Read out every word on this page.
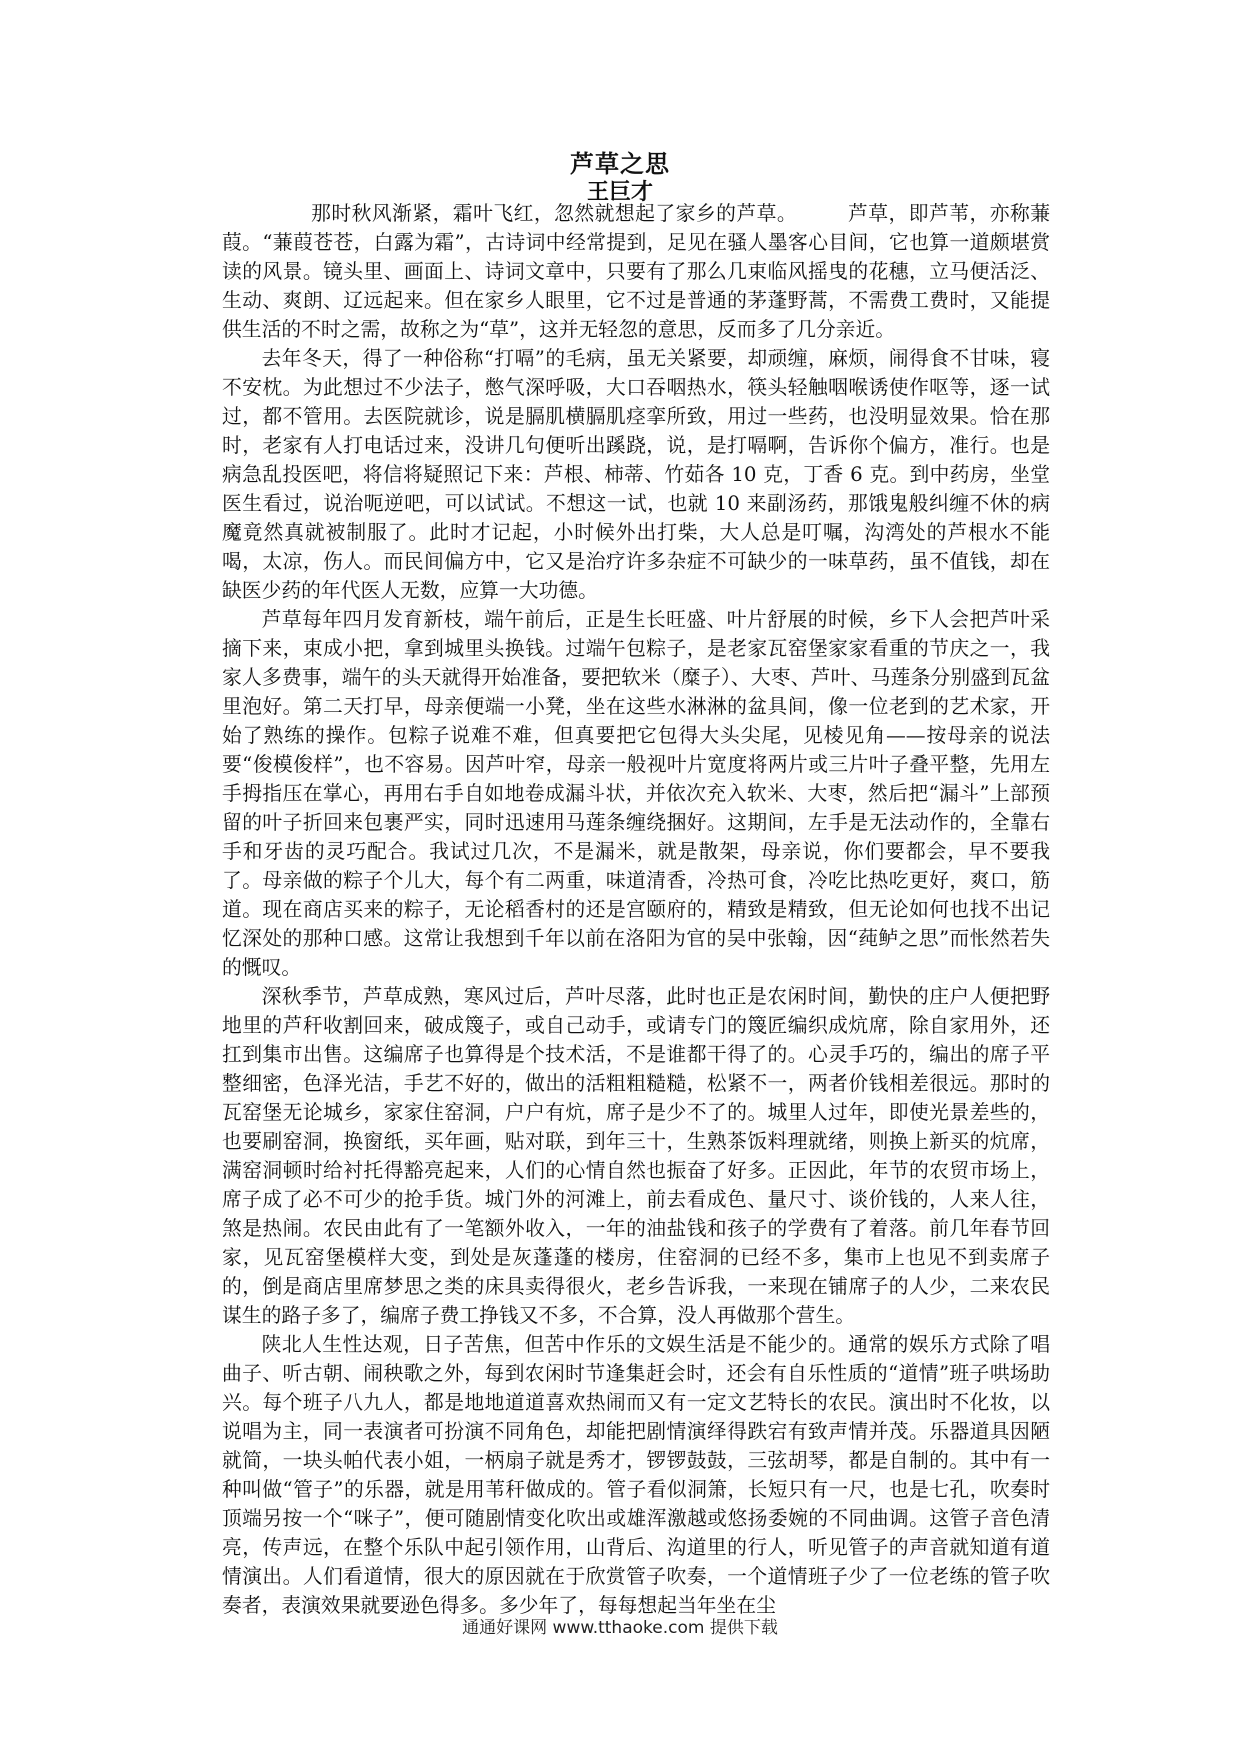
芦草之思
王巨才

那时秋风渐紧，霜叶飞红，忽然就想起了家乡的芦草。　　　芦草，即芦苇，亦称蒹葭。“蒹葭苍苍，白露为霜”，古诗词中经常提到，足见在骚人墨客心目间，它也算一道颇堪赏读的风景。镜头里、画面上、诗词文章中，只要有了那么几束临风摇曳的花穗，立马便活泛、生动、爽朗、辽远起来。但在家乡人眼里，它不过是普通的茅蓬野蒿，不需费工费时，又能提供生活的不时之需，故称之为“草”，这并无轻忽的意思，反而多了几分亲近。

去年冬天，得了一种俗称“打嗝”的毛病，虽无关紧要，却顽缠，麻烦，闹得食不甘味，寝不安枕。为此想过不少法子，憋气深呼吸，大口吞咽热水，筷头轻触咽喉诱使作呕等，逐一试过，都不管用。去医院就诊，说是膈肌横膈肌痉挛所致，用过一些药，也没明显效果。恰在那时，老家有人打电话过来，没讲几句便听出蹊跷，说，是打嗝啊，告诉你个偏方，准行。也是病急乱投医吧，将信将疑照记下来：芦根、柿蒂、竹茹各 10 克，丁香 6 克。到中药房，坐堂医生看过，说治呃逆吧，可以试试。不想这一试，也就 10 来副汤药，那饿鬼般纠缠不休的病魔竟然真就被制服了。此时才记起，小时候外出打柴，大人总是叮嘱，沟湾处的芦根水不能喝，太凉，伤人。而民间偏方中，它又是治疗许多杂症不可缺少的一味草药，虽不值钱，却在缺医少药的年代医人无数，应算一大功德。

芦草每年四月发育新枝，端午前后，正是生长旺盛、叶片舒展的时候，乡下人会把芦叶采摘下来，束成小把，拿到城里头换钱。过端午包粽子，是老家瓦窑堡家家看重的节庆之一，我家人多费事，端午的头天就得开始准备，要把软米（糜子）、大枣、芦叶、马莲条分别盛到瓦盆里泡好。第二天打早，母亲便端一小凳，坐在这些水淋淋的盆具间，像一位老到的艺术家，开始了熟练的操作。包粽子说难不难，但真要把它包得大头尖尾，见棱见角——按母亲的说法要“俊模俊样”，也不容易。因芦叶窄，母亲一般视叶片宽度将两片或三片叶子叠平整，先用左手拇指压在掌心，再用右手自如地卷成漏斗状，并依次充入软米、大枣，然后把“漏斗”上部预留的叶子折回来包裹严实，同时迅速用马莲条缠绕捆好。这期间，左手是无法动作的，全靠右手和牙齿的灵巧配合。我试过几次，不是漏米，就是散架，母亲说，你们要都会，早不要我了。母亲做的粽子个儿大，每个有二两重，味道清香，冷热可食，冷吃比热吃更好，爽口，筋道。现在商店买来的粽子，无论稻香村的还是宫颐府的，精致是精致，但无论如何也找不出记忆深处的那种口感。这常让我想到千年以前在洛阳为官的吴中张翰，因“莼鲈之思”而怅然若失的慨叹。

深秋季节，芦草成熟，寒风过后，芦叶尽落，此时也正是农闲时间，勤快的庄户人便把野地里的芦秆收割回来，破成篾子，或自己动手，或请专门的篾匠编织成炕席，除自家用外，还扛到集市出售。这编席子也算得是个技术活，不是谁都干得了的。心灵手巧的，编出的席子平整细密，色泽光洁，手艺不好的，做出的活粗粗糙糙，松紧不一，两者价钱相差很远。那时的瓦窑堡无论城乡，家家住窑洞，户户有炕，席子是少不了的。城里人过年，即使光景差些的，也要刷窑洞，换窗纸，买年画，贴对联，到年三十，生熟茶饭料理就绪，则换上新买的炕席，满窑洞顿时给衬托得豁亮起来，人们的心情自然也振奋了好多。正因此，年节的农贸市场上，席子成了必不可少的抢手货。城门外的河滩上，前去看成色、量尺寸、谈价钱的，人来人往，煞是热闹。农民由此有了一笔额外收入，一年的油盐钱和孩子的学费有了着落。前几年春节回家，见瓦窑堡模样大变，到处是灰蓬蓬的楼房，住窑洞的已经不多，集市上也见不到卖席子的，倒是商店里席梦思之类的床具卖得很火，老乡告诉我，一来现在铺席子的人少，二来农民谋生的路子多了，编席子费工挣钱又不多，不合算，没人再做那个营生。

陕北人生性达观，日子苦焦，但苦中作乐的文娱生活是不能少的。通常的娱乐方式除了唱曲子、听古朝、闹秧歌之外，每到农闲时节逢集赶会时，还会有自乐性质的“道情”班子哄场助兴。每个班子八九人，都是地地道道喜欢热闹而又有一定文艺特长的农民。演出时不化妆，以说唱为主，同一表演者可扮演不同角色，却能把剧情演绎得跌宕有致声情并茂。乐器道具因陋就简，一块头帕代表小姐，一柄扇子就是秀才，锣锣鼓鼓，三弦胡琴，都是自制的。其中有一种叫做“管子”的乐器，就是用苇秆做成的。管子看似洞箫，长短只有一尺，也是七孔，吹奏时顶端另按一个“咪子”，便可随剧情变化吹出或雄浑激越或悠扬委婉的不同曲调。这管子音色清亮，传声远，在整个乐队中起引领作用，山背后、沟道里的行人，听见管子的声音就知道有道情演出。人们看道情，很大的原因就在于欣赏管子吹奏，一个道情班子少了一位老练的管子吹奏者，表演效果就要逊色得多。多少年了，每每想起当年坐在尘

通通好课网 www.tthaoke.com 提供下载
